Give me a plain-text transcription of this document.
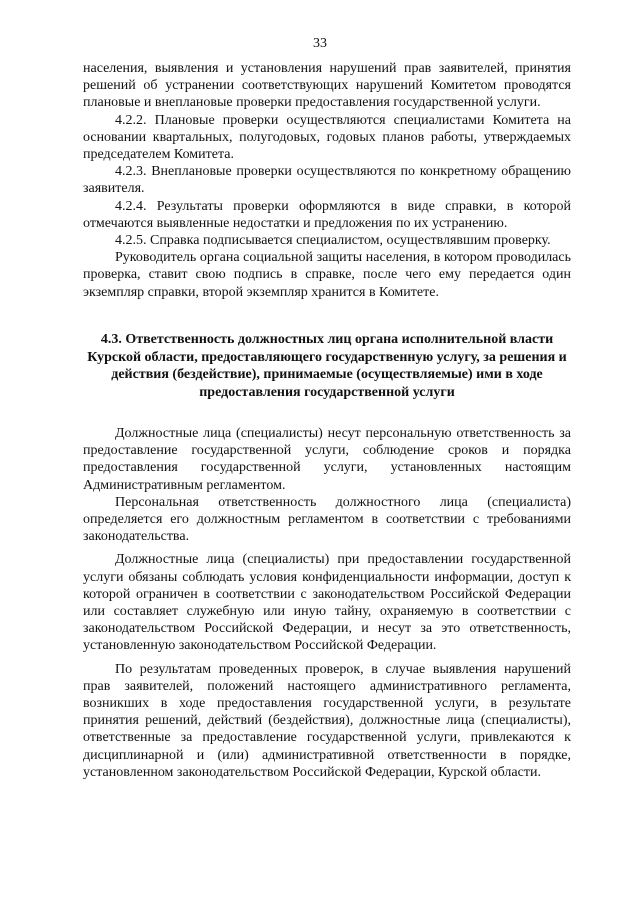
33

населения, выявления и установления нарушений прав заявителей, принятия решений об устранении соответствующих нарушений Комитетом проводятся плановые и внеплановые проверки предоставления государственной услуги.

4.2.2. Плановые проверки осуществляются специалистами Комитета на основании квартальных, полугодовых, годовых планов работы, утверждаемых председателем Комитета.

4.2.3. Внеплановые проверки осуществляются по конкретному обращению заявителя.

4.2.4. Результаты проверки оформляются в виде справки, в которой отмечаются выявленные недостатки и предложения по их устранению.

4.2.5. Справка подписывается специалистом, осуществлявшим проверку.

Руководитель органа социальной защиты населения, в котором проводилась проверка, ставит свою подпись в справке, после чего ему передается один экземпляр справки, второй экземпляр хранится в Комитете.

4.3. Ответственность должностных лиц органа исполнительной власти Курской области, предоставляющего государственную услугу, за решения и действия (бездействие), принимаемые (осуществляемые) ими в ходе предоставления государственной услуги

Должностные лица (специалисты) несут персональную ответственность за предоставление государственной услуги, соблюдение сроков и порядка предоставления государственной услуги, установленных настоящим Административным регламентом.

Персональная ответственность должностного лица (специалиста) определяется его должностным регламентом в соответствии с требованиями законодательства.

Должностные лица (специалисты) при предоставлении государственной услуги обязаны соблюдать условия конфиденциальности информации, доступ к которой ограничен в соответствии с законодательством Российской Федерации или составляет служебную или иную тайну, охраняемую в соответствии с законодательством Российской Федерации, и несут за это ответственность, установленную законодательством Российской Федерации.

По результатам проведенных проверок, в случае выявления нарушений прав заявителей, положений настоящего административного регламента, возникших в ходе предоставления государственной услуги, в результате принятия решений, действий (бездействия), должностные лица (специалисты), ответственные за предоставление государственной услуги, привлекаются к дисциплинарной и (или) административной ответственности в порядке, установленном законодательством Российской Федерации, Курской области.
